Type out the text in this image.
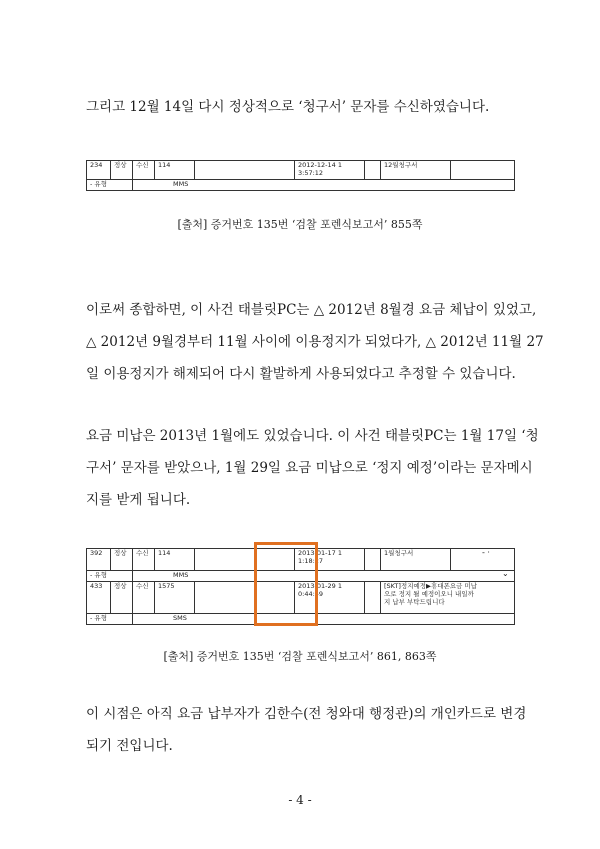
그리고 12월 14일 다시 정상적으로 ‘청구서’ 문자를 수신하였습니다.
234	정상	수신	114		2012-12-14 1
3:57:12		12월청구서	
- 유형		MMS						
[출처] 증거번호 135번 ‘검찰 포렌식보고서’ 855쪽
이로써 종합하면, 이 사건 태블릿PC는 △ 2012년 8월경 요금 체납이 있었고,
△ 2012년 9월경부터 11월 사이에 이용정지가 되었다가, △ 2012년 11월 27
일 이용정지가 해제되어 다시 활발하게 사용되었다고 추정할 수 있습니다.
요금 미납은 2013년 1월에도 있었습니다. 이 사건 태블릿PC는 1월 17일 ‘청
구서’ 문자를 받았으나, 1월 29일 요금 미납으로 ‘정지 예정’이라는 문자메시
지를 받게 됩니다.
392	정상	수신	114		2013-01-17 1
1:18:27		1월청구서	
- 유형		MMS						
433	정상	수신	1575		2013-01-29 1
0:44:49		[SKT]정지예정▶휴대폰요금 미납
으로 정지 될 예정이오니 내일까
지 납부 부탁드립니다	
- 유형		SMS						
- ·
⌄
[출처] 증거번호 135번 ‘검찰 포렌식보고서’ 861, 863쪽
이 시점은 아직 요금 납부자가 김한수(전 청와대 행정관)의 개인카드로 변경
되기 전입니다.
- 4 -
